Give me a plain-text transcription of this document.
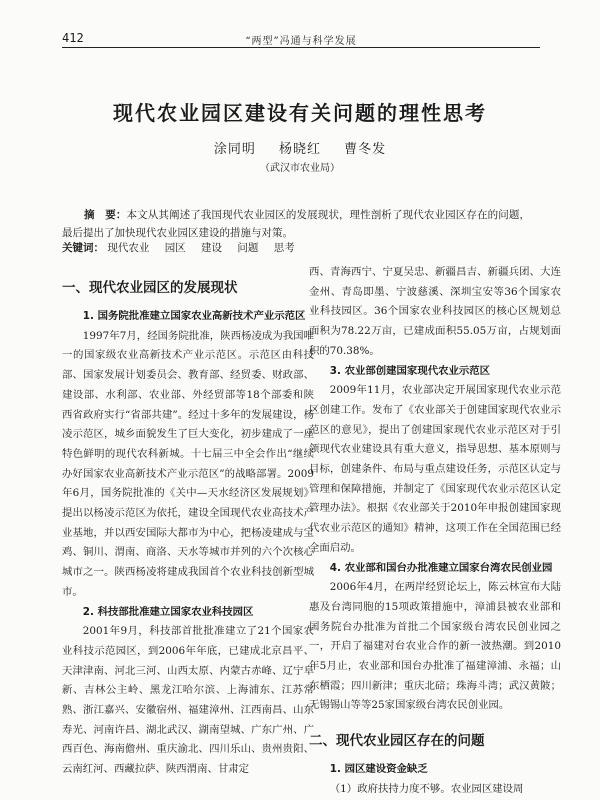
412	“两型”冯通与科学发展
现代农业园区建设有关问题的理性思考
涂同明 杨晓红 曹冬发
（武汉市农业局）
摘　要：本文从其阐述了我国现代农业园区的发展现状，理性剖析了现代农业园区存在的问题，最后提出了加快现代农业园区建设的措施与对策。
关键词： 现代农业 园区 建设 问题 思考
一、现代农业园区的发展现状

1. 国务院批准建立国家农业高新技术产业示范区

1997年7月，经国务院批准，陕西杨凌成为我国唯一的国家级农业高新技术产业示范区。示范区由科技部、国家发展计划委员会、教育部、经贸委、财政部、建设部、水利部、农业部、外经贸部等18个部委和陕西省政府实行“省部共建”。经过十多年的发展建设，杨凌示范区，城乡面貌发生了巨大变化，初步建成了一座特色鲜明的现代农科新城。十七届三中全会作出“继续办好国家农业高新技术产业示范区”的战略部署。2009年6月，国务院批准的《关中—天水经济区发展规划》提出以杨凌示范区为依托，建设全国现代农业高技术产业基地，并以西安国际大都市为中心，把杨凌建成与宝鸡、铜川、渭南、商洛、天水等城市并列的六个次核心城市之一。陕西杨凌将建成我国首个农业科技创新型城市。

2. 科技部批准建立国家农业科技园区

2001年9月，科技部首批批准建立了21个国家农业科技示范园区，到2006年年底，已建成北京昌平、天津津南、河北三河、山西太原、内蒙古赤峰、辽宁阜新、吉林公主岭、黑龙江哈尔滨、上海浦东、江苏常熟、浙江嘉兴、安徽宿州、福建漳州、江西南昌、山东寿光、河南许昌、湖北武汉、湖南望城、广东广州、广西百色、海南儋州、重庆渝北、四川乐山、贵州贵阳、云南红河、西藏拉萨、陕西渭南、甘肃定

西、青海西宁、宁夏吴忠、新疆昌吉、新疆兵团、大连金州、青岛即墨、宁波慈溪、深圳宝安等36个国家农业科技园区。36个国家农业科技园区的核心区规划总面积为78.22万亩，已建成面积55.05万亩，占规划面积的70.38%。

3. 农业部创建国家现代农业示范区

2009年11月，农业部决定开展国家现代农业示范区创建工作。发布了《农业部关于创建国家现代农业示范区的意见》，提出了创建国家现代农业示范区对于引领现代农业建设具有重大意义，指导思想、基本原则与目标，创建条件、布局与重点建设任务，示范区认定与管理和保障措施，并制定了《国家现代农业示范区认定管理办法》。根据《农业部关于2010年申报创建国家现代农业示范区的通知》精神，这项工作在全国范围已经全面启动。

4. 农业部和国台办批准建立国家台湾农民创业园

2006年4月，在两岸经贸论坛上，陈云林宣布大陆惠及台湾同胞的15项政策措施中，漳浦县被农业部和国务院台办批准为首批二个国家级台湾农民创业园之一，开启了福建对台农业合作的新一波热潮。到2010年5月止，农业部和国台办批准了福建漳浦、永福；山东栖霞；四川新津；重庆北碚；珠海斗湾；武汉黄陂；无锡锡山等等25家国家级台湾农民创业园。

二、现代农业园区存在的问题

1. 园区建设资金缺乏

（1）政府扶持力度不够。农业园区建设周
